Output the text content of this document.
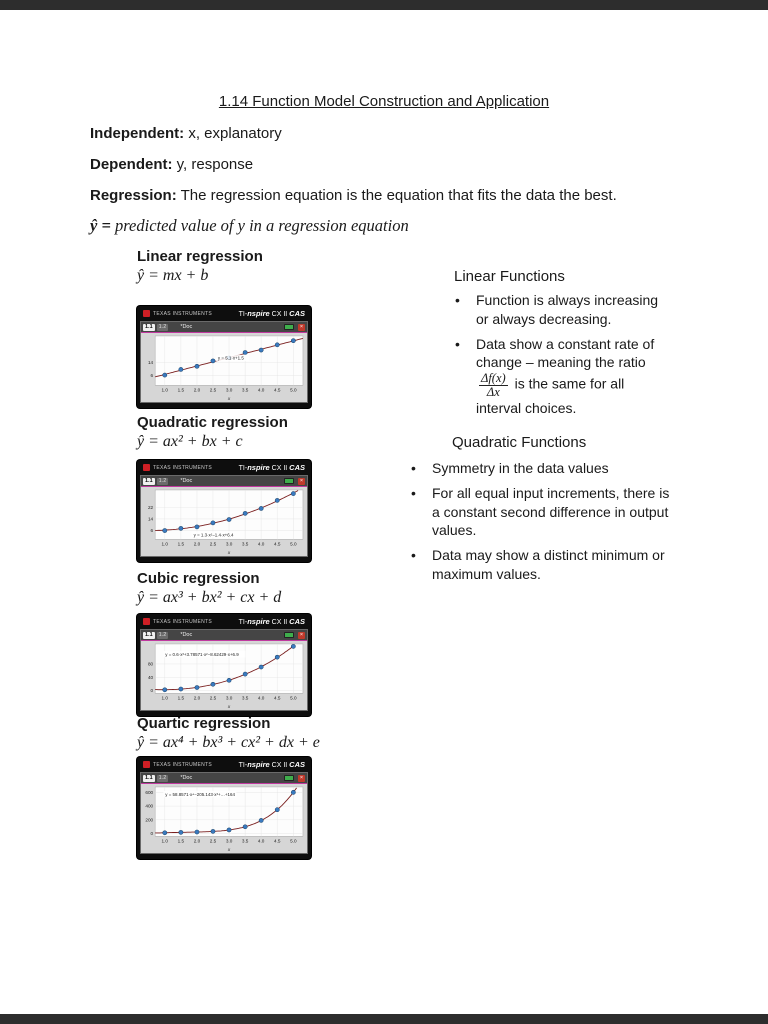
1.14 Function Model Construction and Application

Independent: x, explanatory

Dependent: y, response

Regression: The regression equation is the equation that fits the data the best.

ŷ = predicted value of y in a regression equation

Linear regression

ŷ = mx + b

TEXAS INSTRUMENTS	TI-nspire CX II CAS
1.1	1.2	*Doc	×
1.0 1.5 2.0 2.5 3.0 3.5 4.0 4.5 5.0
6
14
y = 5.1·x+1.5
x
Quadratic regression

ŷ = ax² + bx + c

TEXAS INSTRUMENTS	TI-nspire CX II CAS
1.1	1.2	*Doc	×
1.0 1.5 2.0 2.5 3.0 3.5 4.0 4.5 5.0
6
14
22
y = 1.3·x²−1.4·x+6.4
x
Cubic regression

ŷ = ax³ + bx² + cx + d

TEXAS INSTRUMENTS	TI-nspire CX II CAS
1.1	1.2	*Doc	×
1.0 1.5 2.0 2.5 3.0 3.5 4.0 4.5 5.0
0
40
80
y = 0.6·x³+3.78571·x²−8.62429·x+6.9
x
Quartic regression

ŷ = ax⁴ + bx³ + cx² + dx + e

TEXAS INSTRUMENTS	TI-nspire CX II CAS
1.1	1.2	*Doc	×
1.0 1.5 2.0 2.5 3.0 3.5 4.0 4.5 5.0
0
200
400
600	y = 58.8571·x⁴−205.143·x³+…+164
x
Linear Functions
•	Function is always increasing or always decreasing.
•	Data show a constant rate of change – meaning the ratio
$\frac{\Delta f(x)}{\Delta x}$ is the same for all interval choices.
Quadratic Functions
•	Symmetry in the data values
•	For all equal input increments, there is a constant second difference in output values.
•	Data may show a distinct minimum or maximum values.
